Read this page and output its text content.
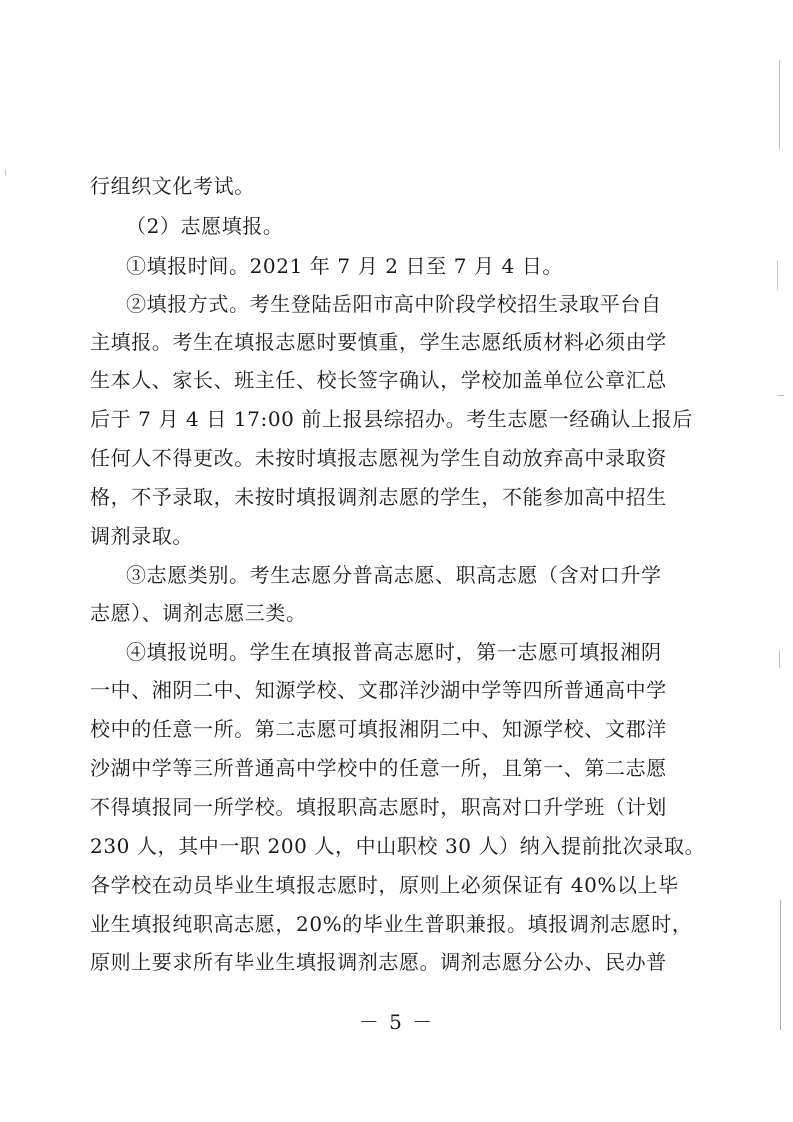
行组织文化考试。
（2）志愿填报。
①填报时间。2021 年 7 月 2 日至 7 月 4 日。
②填报方式。考生登陆岳阳市高中阶段学校招生录取平台自
主填报。考生在填报志愿时要慎重，学生志愿纸质材料必须由学
生本人、家长、班主任、校长签字确认，学校加盖单位公章汇总
后于 7 月 4 日 17:00 前上报县综招办。考生志愿一经确认上报后
任何人不得更改。未按时填报志愿视为学生自动放弃高中录取资
格，不予录取，未按时填报调剂志愿的学生，不能参加高中招生
调剂录取。
③志愿类别。考生志愿分普高志愿、职高志愿（含对口升学
志愿）、调剂志愿三类。
④填报说明。学生在填报普高志愿时，第一志愿可填报湘阴
一中、湘阴二中、知源学校、文郡洋沙湖中学等四所普通高中学
校中的任意一所。第二志愿可填报湘阴二中、知源学校、文郡洋
沙湖中学等三所普通高中学校中的任意一所，且第一、第二志愿
不得填报同一所学校。填报职高志愿时，职高对口升学班（计划
230 人，其中一职 200 人，中山职校 30 人）纳入提前批次录取。
各学校在动员毕业生填报志愿时，原则上必须保证有 40%以上毕
业生填报纯职高志愿，20%的毕业生普职兼报。填报调剂志愿时，
原则上要求所有毕业生填报调剂志愿。调剂志愿分公办、民办普
－ 5 －
